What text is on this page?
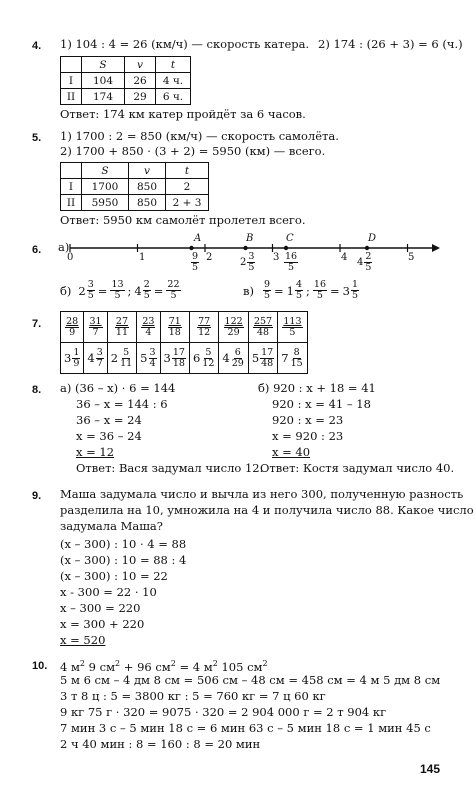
4. 1) 104 : 4 = 26 (км/ч) — скорость катера. 2) 174 : (26 + 3) = 6 (ч.)
	S	v	t
I	104	26	4 ч.
II	174	29	6 ч.
Ответ: 174 км катер пройдёт за 6 часов.
5. 1) 1700 : 2 = 850 (км/ч) — скорость самолёта.
2) 1700 + 850 · (3 + 2) = 5950 (км) — всего.
	S	v	t
I	1700	850	2
II	5950	850	2 + 3
Ответ: 5950 км самолёт пролетел всего.
6. а)
A	B	C	D
0	1	2	3	4	5
$\frac{9}{5}$	$2 \frac{3}{5}$	$\frac{16}{5}$	$4 \frac{2}{5}$
б) $2 \frac{3}{5} = \frac{13}{5}$ ; $4 \frac{2}{5} = \frac{22}{5}$	$в) \frac{9}{5} = 1 \frac{4}{5}$ ; $\frac{16}{5} = 3 \frac{1}{5}$
7.	$\frac{28}{9}$	$\frac{31}{7}$	$\frac{27}{11}$	$\frac{23}{4}$	$\frac{71}{18}$	$\frac{77}{12}$	$\frac{122}{29}$	$\frac{257}{48}$	$\frac{113}{5}$

$3 \frac{1}{9}$	$4 \frac{3}{7}$	$2 \frac{5}{11}$	$5 \frac{3}{4}$	$3 \frac{17}{18}$	$6 \frac{5}{12}$	$4 \frac{6}{29}$	$5 \frac{17}{48}$	$7 \frac{8}{15}$
8. а) (36 – x) · 6 = 144
36 – x = 144 : 6
36 – x = 24
x = 36 – 24
x = 12
Ответ: Вася задумал число 12.
б) 920 : x + 18 = 41
920 : x = 41 – 18
920 : x = 23
x = 920 : 23
x = 40
Ответ: Костя задумал число 40.
9. Маша задумала число и вычла из него 300, полученную разность
разделила на 10, умножила на 4 и получила число 88. Какое число
задумала Маша?
(x – 300) : 10 · 4 = 88
(x – 300) : 10 = 88 : 4
(x – 300) : 10 = 22
x - 300 = 22 · 10
x – 300 = 220
x = 300 + 220
x = 520
10. 4 $м^2$ 9 $см^2 + 96$ $см^2 = 4$ $м^2$ 105 $см^2$
5 м 6 см – 4 дм 8 см = 506 см – 48 см = 458 см = 4 м 5 дм 8 см
3 т 8 ц : 5 = 3800 кг : 5 = 760 кг = 7 ц 60 кг
9 кг 75 г · 320 = 9075 · 320 = 2 904 000 г = 2 т 904 кг
7 мин 3 с – 5 мин 18 с = 6 мин 63 с – 5 мин 18 с = 1 мин 45 с
2 ч 40 мин : 8 = 160 : 8 = 20 мин
145
